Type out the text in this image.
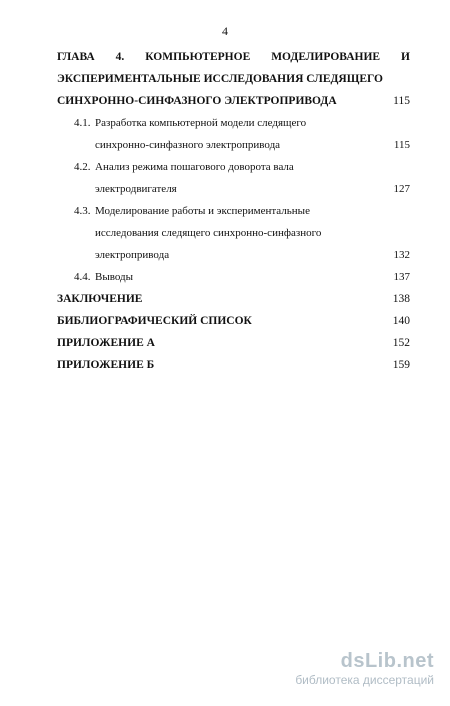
4
ГЛАВА 4. КОМПЬЮТЕРНОЕ МОДЕЛИРОВАНИЕ И
ЭКСПЕРИМЕНТАЛЬНЫЕ ИССЛЕДОВАНИЯ СЛЕДЯЩЕГО
СИНХРОННО-СИНФАЗНОГО ЭЛЕКТРОПРИВОДА	115
4.1. Разработка компьютерной модели следящего синхронно-синфазного электропривода	115
4.2. Анализ режима пошагового доворота вала электродвигателя	127
4.3. Моделирование работы и экспериментальные исследования следящего синхронно-синфазного электропривода	132
4.4. Выводы	137
ЗАКЛЮЧЕНИЕ	138
БИБЛИОГРАФИЧЕСКИЙ СПИСОК	140
ПРИЛОЖЕНИЕ А	152
ПРИЛОЖЕНИЕ Б	159
dsLib.net
библиотека диссертаций
